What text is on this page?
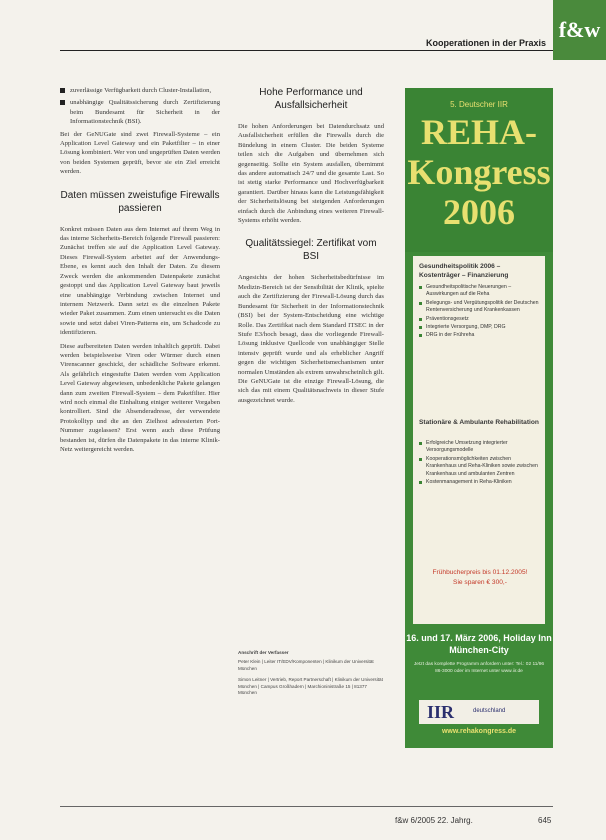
f&w
Kooperationen in der Praxis
zuverlässige Verfügbarkeit durch Cluster-Installation,
unabhängige Qualitätssicherung durch Zertifizierung beim Bundesamt für Sicherheit in der Informationstechnik (BSI).

Bei der GeNUGate sind zwei Firewall-Systeme – ein Application Level Gateway und ein Paketfilter – in einer Lösung kombiniert. Wer von und ungeprüften Daten werden von beiden Systemen geprüft, bevor sie ein Ziel erreicht werden.

Daten müssen zweistufige Firewalls passieren

Konkret müssen Daten aus dem Internet auf ihrem Weg in das interne Sicherheits-Bereich folgende Firewall passieren: Zunächst treffen sie auf die Application Level Gateway. Dieses Firewall-System arbeitet auf der Anwendungs-Ebene, es kennt auch den Inhalt der Daten. Zu diesem Zweck werden die ankommenden Datenpakete zunächst gestoppt und das Application Level Gateway baut jeweils eine unabhängige Verbindung zwischen Internet und internem Netzwerk. Dann setzt es die einzelnen Pakete wieder Paket zusammen. Zum einen untersucht es die Daten sowie und setzt dabei Viren-Patterns ein, um Schadcode zu identifizieren.

Diese aufbereiteten Daten werden inhaltlich geprüft. Dabei werden beispielsweise Viren oder Würmer durch einen Virenscanner geschickt, der schädliche Software erkennt. Als gefährlich eingestufte Daten werden vom Application Level Gateway abgewiesen, unbedenkliche Pakete gelangen dann zum zweiten Firewall-System – dem Paketfilter. Hier wird noch einmal die Einhaltung einiger weiterer Vorgaben kontrolliert. Sind die Absenderadresse, der verwendete Protokolltyp und die an den Zielhost adressierten Port-Nummer zugelassen? Erst wenn auch diese Prüfung bestanden ist, dürfen die Datenpakete in das interne Klinik-Netz weitergereicht werden.

Hohe Performance und Ausfallsicherheit

Die hohen Anforderungen bei Datendurchsatz und Ausfallsicherheit erfüllen die Firewalls durch die Bündelung in einem Cluster. Die beiden Systeme teilen sich die Aufgaben und übernehmen sich gegenseitig. Sollte ein System ausfallen, übernimmt das andere automatisch 24/7 und die gesamte Last. So ist stetig starke Performance und Hochverfügbarkeit garantiert. Darüber hinaus kann die Leistungsfähigkeit der Sicherheitslösung bei steigenden Anforderungen einfach durch die Anbindung eines weiteren Firewall-Systems erhöht werden.

Qualitätssiegel: Zertifikat vom BSI

Angesichts der hohen Sicherheitsbedürfnisse im Medizin-Bereich ist der Sensibilität der Klinik, spielte auch die Zertifizierung der Firewall-Lösung durch das Bundesamt für Sicherheit in der Informationstechnik (BSI) bei der System-Entscheidung eine wichtige Rolle. Das Zertifikat nach dem Standard ITSEC in der Stufe E3/hoch besagt, dass die vorliegende Firewall-Lösung inklusive Quellcode von unabhängiger Stelle intensiv geprüft wurde und als erheblicher Angriff gegen die wichtigen Sicherheitsmechanismen unter normalen Umständen als extrem unwahrscheinlich gilt. Die GeNUGate ist die einzige Firewall-Lösung, die sich das mit einem Qualitätsnachweis in dieser Stufe ausgezeichnet wurde.

Anschrift der Verfasser
Peter Klein | Leiter IT/EDV/Komponenten | Klinikum der Universität München
Simon Leitner | Vertrieb, Report Partnerschaft | Klinikum der Universität München | Campus Großhadern | Marchioninistraße 15 | 81377 München
5. Deutscher IIR
REHA-
Kongress
2006
Gesundheitspolitik 2006 – Kostenträger – Finanzierung
Gesundheitspolitische Neuerungen – Auswirkungen auf die Reha
Belegungs- und Vergütungspolitik der Deutschen Rentenversicherung und Krankenkassen
Präventionsgesetz
Integrierte Versorgung, DMP, DRG
DRG in der Frühreha
Stationäre & Ambulante Rehabilitation
Erfolgreiche Umsetzung integrierter Versorgungsmodelle
Kooperationsmöglichkeiten zwischen Krankenhaus und Reha-Kliniken sowie zwischen Krankenhaus und ambulanten Zentren
Kostenmanagement in Reha-Kliniken
Frühbucherpreis bis 01.12.2005!
Sie sparen € 300,-
16. und 17. März 2006, Holiday Inn München-City
Jetzt das komplette Programm anfordern unter: Tel.: 02 11/96 86-3000 oder im Internet unter www.iir.de
IIR	deutschland
www.rehakongress.de
f&w 6/2005 22. Jahrg.	645
